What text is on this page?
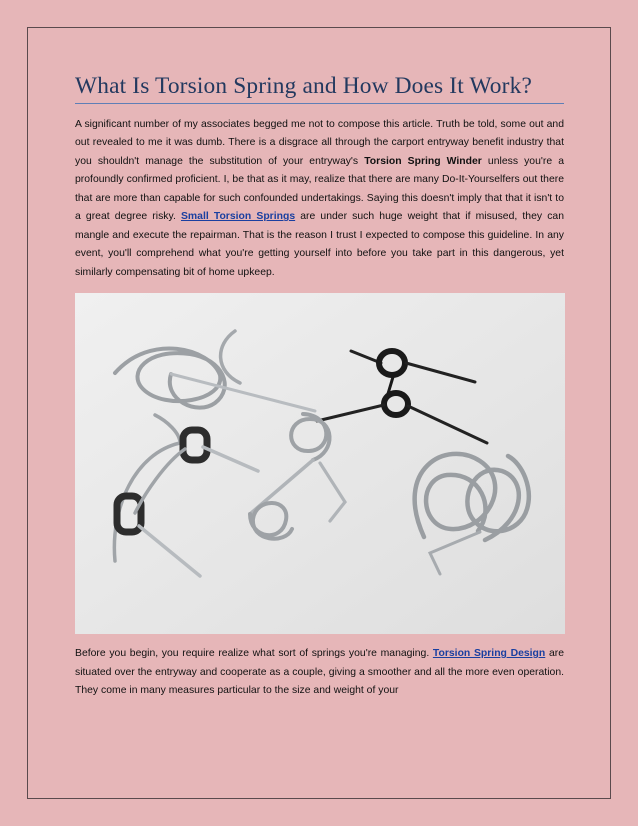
What Is Torsion Spring and How Does It Work?

A significant number of my associates begged me not to compose this article. Truth be told, some out and out revealed to me it was dumb. There is a disgrace all through the carport entryway benefit industry that you shouldn't manage the substitution of your entryway's Torsion Spring Winder unless you're a profoundly confirmed proficient. I, be that as it may, realize that there are many Do-It-Yourselfers out there that are more than capable for such confounded undertakings. Saying this doesn't imply that that it isn't to a great degree risky. Small Torsion Springs are under such huge weight that if misused, they can mangle and execute the repairman. That is the reason I trust I expected to compose this guideline. In any event, you'll comprehend what you're getting yourself into before you take part in this dangerous, yet similarly compensating bit of home upkeep.

Before you begin, you require realize what sort of springs you're managing. Torsion Spring Design are situated over the entryway and cooperate as a couple, giving a smoother and all the more even operation. They come in many measures particular to the size and weight of your
